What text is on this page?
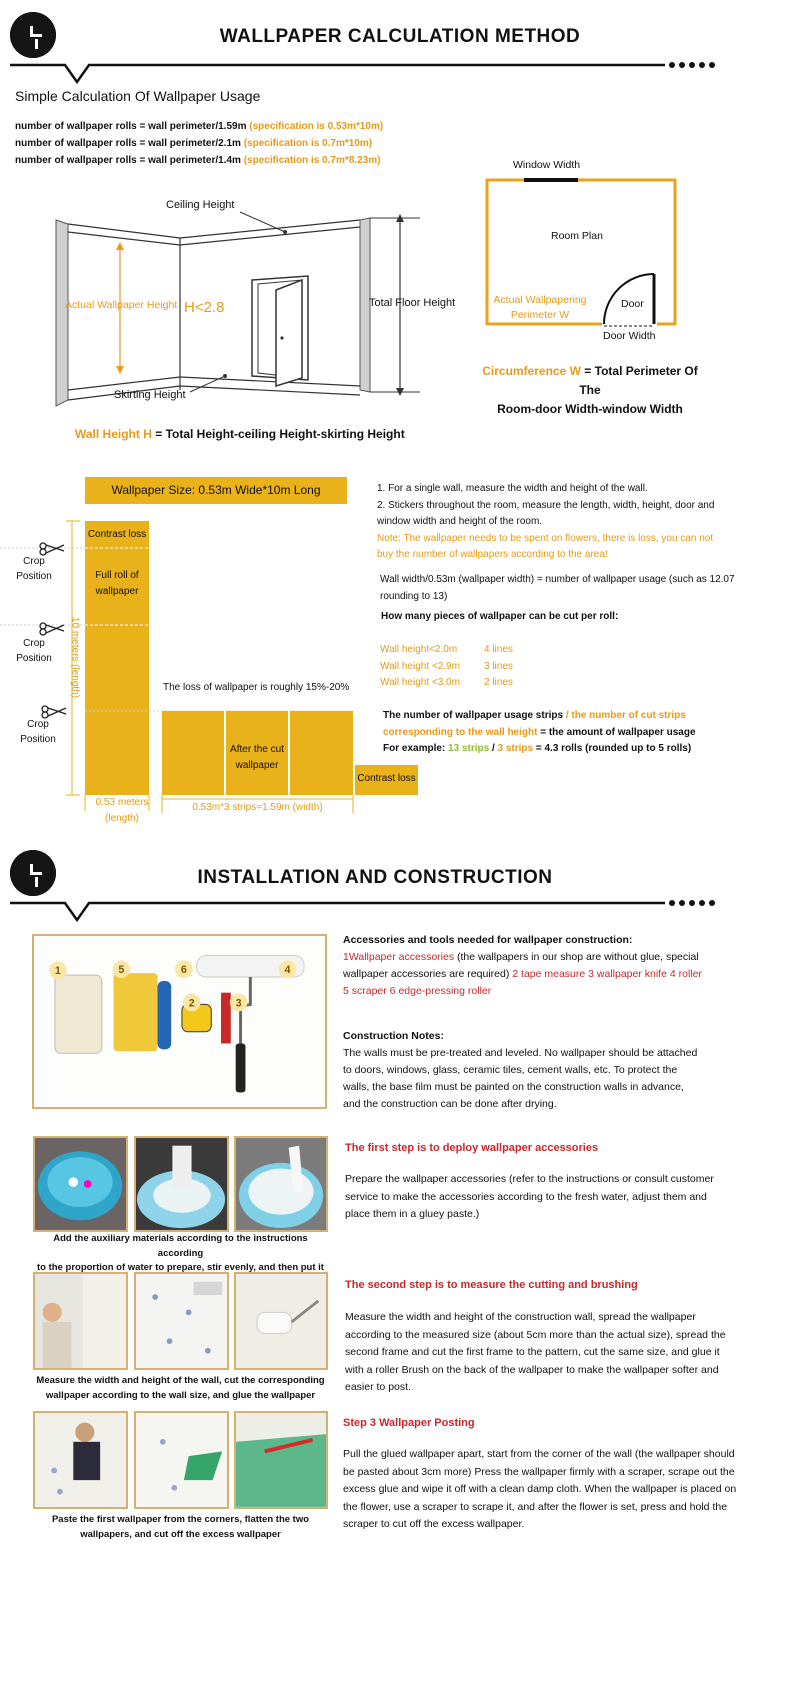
WALLPAPER CALCULATION METHOD
Simple Calculation Of Wallpaper Usage
number of wallpaper rolls = wall perimeter/1.59m (specification is 0.53m*10m)
number of wallpaper rolls = wall perimeter/2.1m (specification is 0.7m*10m)
number of wallpaper rolls = wall perimeter/1.4m (specification is 0.7m*8.23m)
Ceiling Height
Actual Wallpaper Height H<2.8	Total Floor Height
Skirting Height
Window Width
Room Plan
Actual Wallpapering
Perimeter W
Door
Door Width
Circumference W = Total Perimeter Of The
Room-door Width-window Width
Wall Height H = Total Height-ceiling Height-skirting Height
Wallpaper Size: 0.53m Wide*10m Long
Contrast loss
Full roll of
wallpaper
10 meters (length)
Crop
Position
Crop
Position
Crop
Position
The loss of wallpaper is roughly 15%-20%
After the cut
wallpaper
Contrast loss
0.53 meters
(length)
0.53m*3 strips=1.59m (width)
1. For a single wall, measure the width and height of the wall.
2. Stickers throughout the room, measure the length, width, height, door and
window width and height of the room.
Note: The wallpaper needs to be spent on flowers, there is loss, you can not
buy the number of wallpapers according to the area!
Wall width/0.53m (wallpaper width) = number of wallpaper usage (such as 12.07
rounding to 13)
How many pieces of wallpaper can be cut per roll:
Wall height<2.0m	4 lines
Wall height <2.9m 3 lines
Wall height <3.0m 2 lines
The number of wallpaper usage strips / the number of cut strips
corresponding to the wall height = the amount of wallpaper usage
For example: 13 strips / 3 strips = 4.3 rolls (rounded up to 5 rolls)
INSTALLATION AND CONSTRUCTION
1	5	6	4
2	3
Accessories and tools needed for wallpaper construction:
1Wallpaper accessories (the wallpapers in our shop are without glue, special
wallpaper accessories are required) 2 tape measure 3 wallpaper knife 4 roller
5 scraper 6 edge-pressing roller
Construction Notes:
The walls must be pre-treated and leveled. No wallpaper should be attached
to doors, windows, glass, ceramic tiles, cement walls, etc. To protect the
walls, the base film must be painted on the construction walls in advance,
and the construction can be done after drying.
Add the auxiliary materials according to the instructions according
to the proportion of water to prepare, stir evenly, and then put it
The first step is to deploy wallpaper accessories
Prepare the wallpaper accessories (refer to the instructions or consult customer
service to make the accessories according to the fresh water, adjust them and
place them in a gluey paste.)
Measure the width and height of the wall, cut the corresponding
wallpaper according to the wall size, and glue the wallpaper
The second step is to measure the cutting and brushing
Measure the width and height of the construction wall, spread the wallpaper
according to the measured size (about 5cm more than the actual size), spread the
second frame and cut the first frame to the pattern, cut the same size, and glue it
with a roller Brush on the back of the wallpaper to make the wallpaper softer and
easier to post.
Paste the first wallpaper from the corners, flatten the two
wallpapers, and cut off the excess wallpaper
Step 3 Wallpaper Posting
Pull the glued wallpaper apart, start from the corner of the wall (the wallpaper should
be pasted about 3cm more) Press the wallpaper firmly with a scraper, scrape out the
excess glue and wipe it off with a clean damp cloth. When the wallpaper is placed on
the flower, use a scraper to scrape it, and after the flower is set, press and hold the
scraper to cut off the excess wallpaper.
